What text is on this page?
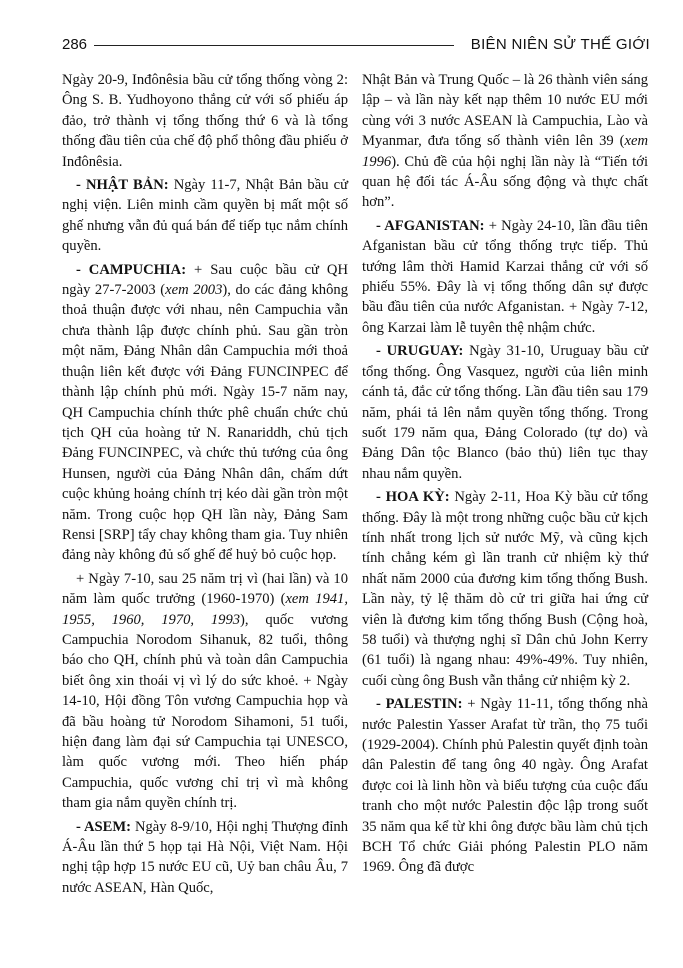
286	BIÊN NIÊN SỬ THẾ GIỚI

Ngày 20-9, Inđônêsia bầu cử tổng thống vòng 2: Ông S. B. Yudhoyono thắng cử với số phiếu áp đảo, trở thành vị tổng thống thứ 6 và là tổng thống đầu tiên của chế độ phổ thông đầu phiếu ở Inđônêsia.

- NHẬT BẢN: Ngày 11-7, Nhật Bản bầu cử nghị viện. Liên minh cầm quyền bị mất một số ghế nhưng vẫn đủ quá bán để tiếp tục nắm chính quyền.

- CAMPUCHIA: + Sau cuộc bầu cử QH ngày 27-7-2003 (xem 2003), do các đảng không thoả thuận được với nhau, nên Campuchia vẫn chưa thành lập được chính phủ. Sau gần tròn một năm, Đảng Nhân dân Campuchia mới thoả thuận liên kết được với Đảng FUNCINPEC để thành lập chính phủ mới. Ngày 15-7 năm nay, QH Campuchia chính thức phê chuẩn chức chủ tịch QH của hoàng tử N. Ranariddh, chủ tịch Đảng FUNCINPEC, và chức thủ tướng của ông Hunsen, người của Đảng Nhân dân, chấm dứt cuộc khủng hoảng chính trị kéo dài gần tròn một năm. Trong cuộc họp QH lần này, Đảng Sam Rensi [SRP] tẩy chay không tham gia. Tuy nhiên đảng này không đủ số ghế để huỷ bỏ cuộc họp.

+ Ngày 7-10, sau 25 năm trị vì (hai lần) và 10 năm làm quốc trưởng (1960-1970) (xem 1941, 1955, 1960, 1970, 1993), quốc vương Campuchia Norodom Sihanuk, 82 tuổi, thông báo cho QH, chính phủ và toàn dân Campuchia biết ông xin thoái vị vì lý do sức khoẻ. + Ngày 14-10, Hội đồng Tôn vương Campuchia họp và đã bầu hoàng tử Norodom Sihamoni, 51 tuổi, hiện đang làm đại sứ Campuchia tại UNESCO, làm quốc vương mới. Theo hiến pháp Campuchia, quốc vương chỉ trị vì mà không tham gia nắm quyền chính trị.

- ASEM: Ngày 8-9/10, Hội nghị Thượng đỉnh Á-Âu lần thứ 5 họp tại Hà Nội, Việt Nam. Hội nghị tập hợp 15 nước EU cũ, Uỷ ban châu Âu, 7 nước ASEAN, Hàn Quốc,

Nhật Bản và Trung Quốc – là 26 thành viên sáng lập – và lần này kết nạp thêm 10 nước EU mới cùng với 3 nước ASEAN là Campuchia, Lào và Myanmar, đưa tổng số thành viên lên 39 (xem 1996). Chủ đề của hội nghị lần này là “Tiến tới quan hệ đối tác Á-Âu sống động và thực chất hơn”.

- AFGANISTAN: + Ngày 24-10, lần đầu tiên Afganistan bầu cử tổng thống trực tiếp. Thủ tướng lâm thời Hamid Karzai thắng cử với số phiếu 55%. Đây là vị tổng thống dân sự được bầu đầu tiên của nước Afganistan. + Ngày 7-12, ông Karzai làm lễ tuyên thệ nhậm chức.

- URUGUAY: Ngày 31-10, Uruguay bầu cử tổng thống. Ông Vasquez, người của liên minh cánh tả, đắc cử tổng thống. Lần đầu tiên sau 179 năm, phái tả lên nắm quyền tổng thống. Trong suốt 179 năm qua, Đảng Colorado (tự do) và Đảng Dân tộc Blanco (bảo thủ) liên tục thay nhau nắm quyền.

- HOA KỲ: Ngày 2-11, Hoa Kỳ bầu cử tổng thống. Đây là một trong những cuộc bầu cử kịch tính nhất trong lịch sử nước Mỹ, và cũng kịch tính chẳng kém gì lần tranh cử nhiệm kỳ thứ nhất năm 2000 của đương kim tổng thống Bush. Lần này, tỷ lệ thăm dò cử tri giữa hai ứng cử viên là đương kim tổng thống Bush (Cộng hoà, 58 tuổi) và thượng nghị sĩ Dân chủ John Kerry (61 tuổi) là ngang nhau: 49%-49%. Tuy nhiên, cuối cùng ông Bush vẫn thắng cử nhiệm kỳ 2.

- PALESTIN: + Ngày 11-11, tổng thống nhà nước Palestin Yasser Arafat từ trần, thọ 75 tuổi (1929-2004). Chính phủ Palestin quyết định toàn dân Palestin để tang ông 40 ngày. Ông Arafat được coi là linh hồn và biểu tượng của cuộc đấu tranh cho một nước Palestin độc lập trong suốt 35 năm qua kể từ khi ông được bầu làm chủ tịch BCH Tổ chức Giải phóng Palestin PLO năm 1969. Ông đã được
